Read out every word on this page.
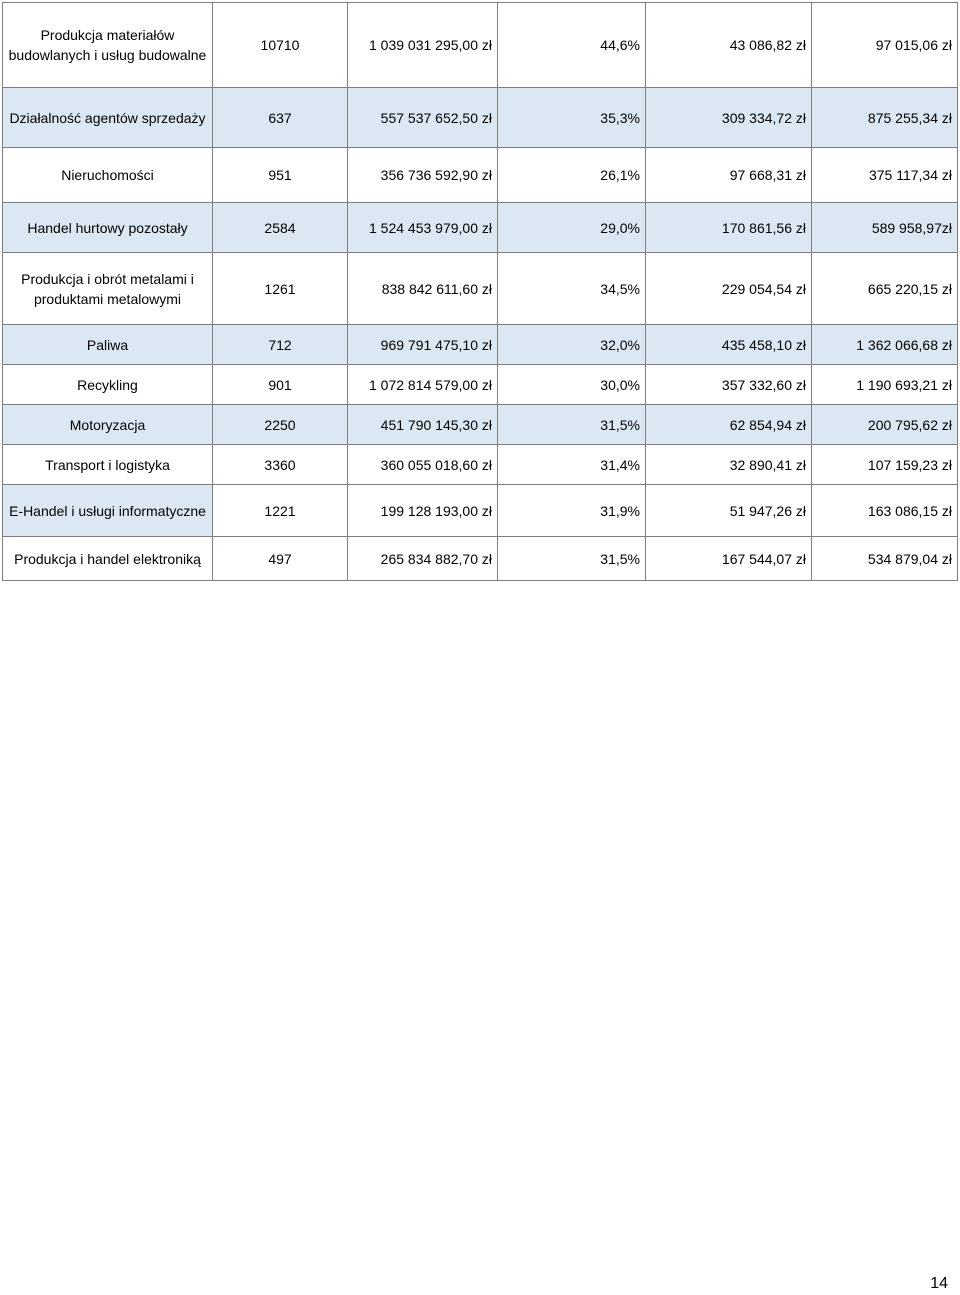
Produkcja materiałów budowlanych i usług budowalne	10710	1 039 031 295,00 zł	44,6%	43 086,82 zł	97 015,06 zł
Działalność agentów sprzedaży	637	557 537 652,50 zł	35,3%	309 334,72 zł	875 255,34 zł
Nieruchomości	951	356 736 592,90 zł	26,1%	97 668,31 zł	375 117,34 zł
Handel hurtowy pozostały	2584	1 524 453 979,00 zł	29,0%	170 861,56 zł	589 958,97zł
Produkcja i obrót metalami i produktami metalowymi	1261	838 842 611,60 zł	34,5%	229 054,54 zł	665 220,15 zł
Paliwa	712	969 791 475,10 zł	32,0%	435 458,10 zł	1 362 066,68 zł
Recykling	901	1 072 814 579,00 zł	30,0%	357 332,60 zł	1 190 693,21 zł
Motoryzacja	2250	451 790 145,30 zł	31,5%	62 854,94 zł	200 795,62 zł
Transport i logistyka	3360	360 055 018,60 zł	31,4%	32 890,41 zł	107 159,23 zł
E-Handel i usługi informatyczne	1221	199 128 193,00 zł	31,9%	51 947,26 zł	163 086,15 zł
Produkcja i handel elektroniką	497	265 834 882,70 zł	31,5%	167 544,07 zł	534 879,04 zł
14
